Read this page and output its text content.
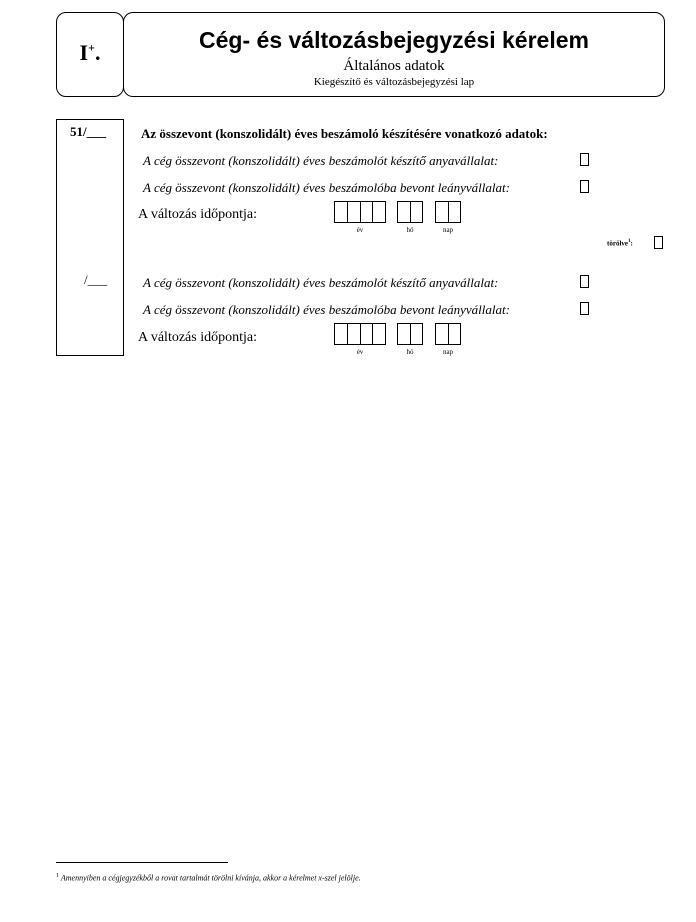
I+.	Cég- és változásbejegyzési kérelem
Általános adatok
Kiegészítő és változásbejegyzési lap
51/___	Az összevont (konszolidált) éves beszámoló készítésére vonatkozó adatok:
A cég összevont (konszolidált) éves beszámolót készítő anyavállalat:
A cég összevont (konszolidált) éves beszámolóba bevont leányvállalat:
A változás időpontja:
év	hó	nap
törölve$^1$:
/___	A cég összevont (konszolidált) éves beszámolót készítő anyavállalat:
A cég összevont (konszolidált) éves beszámolóba bevont leányvállalat:
A változás időpontja:
év	hó	nap
$^1$ Amennyiben a cégjegyzékből a rovat tartalmát törölni kívánja, akkor a kérelmet x-szel jelölje.
